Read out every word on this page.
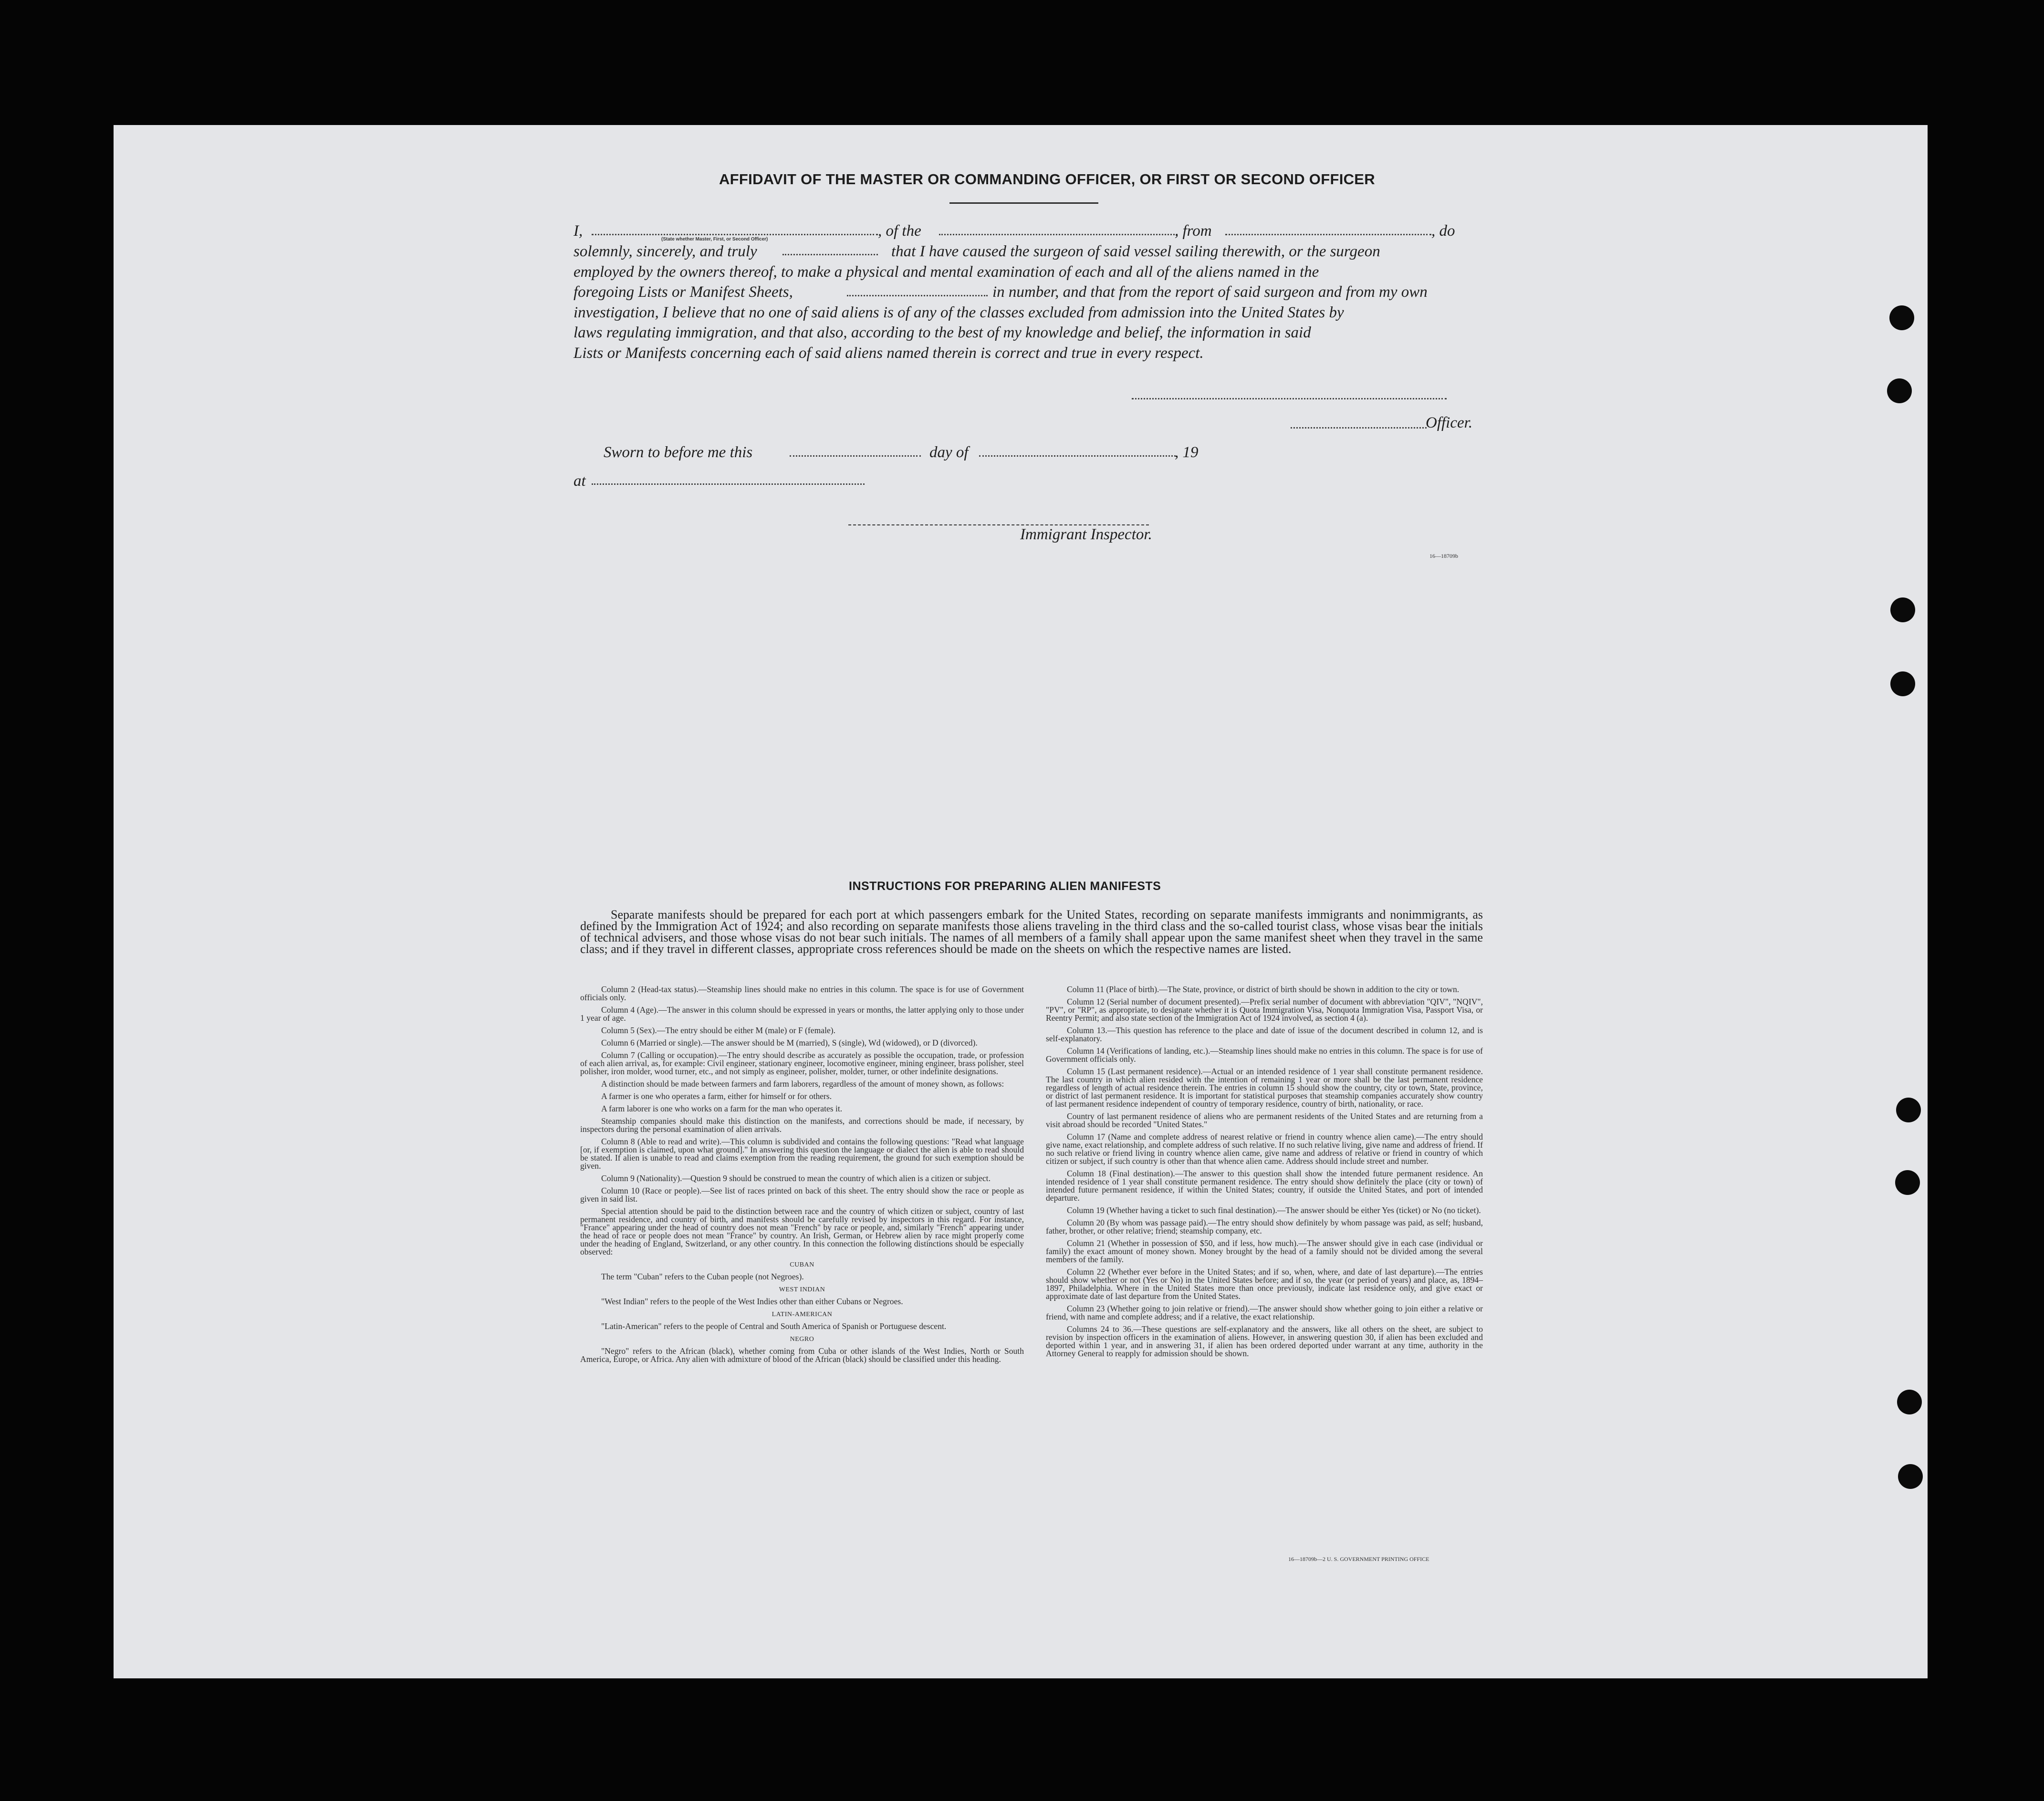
AFFIDAVIT OF THE MASTER OR COMMANDING OFFICER, OR FIRST OR SECOND OFFICER
I,	, of the	, from	, do
(State whether Master, First, or Second Officer)
solemnly, sincerely, and truly	that I have caused the surgeon of said vessel sailing therewith, or the surgeon
employed by the owners thereof, to make a physical and mental examination of each and all of the aliens named in the
foregoing Lists or Manifest Sheets,	in number, and that from the report of said surgeon and from my own
investigation, I believe that no one of said aliens is of any of the classes excluded from admission into the United States by
laws regulating immigration, and that also, according to the best of my knowledge and belief, the information in said
Lists or Manifests concerning each of said aliens named therein is correct and true in every respect.
Officer.
Sworn to before me this	day of	, 19
at
Immigrant Inspector.
16—18709b
INSTRUCTIONS FOR PREPARING ALIEN MANIFESTS
Separate manifests should be prepared for each port at which passengers embark for the United States, recording on separate manifests immigrants and nonimmigrants, as defined by the Immigration Act of 1924; and also recording on separate manifests those aliens traveling in the third class and the so-called tourist class, whose visas bear the initials of technical advisers, and those whose visas do not bear such initials. The names of all members of a family shall appear upon the same manifest sheet when they travel in the same class; and if they travel in different classes, appropriate cross references should be made on the sheets on which the respective names are listed.

Column 2 (Head-tax status).—Steamship lines should make no entries in this column. The space is for use of Government officials only.

Column 4 (Age).—The answer in this column should be expressed in years or months, the latter applying only to those under 1 year of age.

Column 5 (Sex).—The entry should be either M (male) or F (female).

Column 6 (Married or single).—The answer should be M (married), S (single), Wd (widowed), or D (divorced).

Column 7 (Calling or occupation).—The entry should describe as accurately as possible the occupation, trade, or profession of each alien arrival, as, for example: Civil engineer, stationary engineer, locomotive engineer, mining engineer, brass polisher, steel polisher, iron molder, wood turner, etc., and not simply as engineer, polisher, molder, turner, or other indefinite designations.

A distinction should be made between farmers and farm laborers, regardless of the amount of money shown, as follows:

A farmer is one who operates a farm, either for himself or for others.

A farm laborer is one who works on a farm for the man who operates it.

Steamship companies should make this distinction on the manifests, and corrections should be made, if necessary, by inspectors during the personal examination of alien arrivals.

Column 8 (Able to read and write).—This column is subdivided and contains the following questions: "Read what language [or, if exemption is claimed, upon what ground]." In answering this question the language or dialect the alien is able to read should be stated. If alien is unable to read and claims exemption from the reading requirement, the ground for such exemption should be given.

Column 9 (Nationality).—Question 9 should be construed to mean the country of which alien is a citizen or subject.

Column 10 (Race or people).—See list of races printed on back of this sheet. The entry should show the race or people as given in said list.

Special attention should be paid to the distinction between race and the country of which citizen or subject, country of last permanent residence, and country of birth, and manifests should be carefully revised by inspectors in this regard. For instance, "France" appearing under the head of country does not mean "French" by race or people, and, similarly "French" appearing under the head of race or people does not mean "France" by country. An Irish, German, or Hebrew alien by race might properly come under the heading of England, Switzerland, or any other country. In this connection the following distinctions should be especially observed:

CUBAN

The term "Cuban" refers to the Cuban people (not Negroes).

WEST INDIAN

"West Indian" refers to the people of the West Indies other than either Cubans or Negroes.

LATIN-AMERICAN

"Latin-American" refers to the people of Central and South America of Spanish or Portuguese descent.

NEGRO

"Negro" refers to the African (black), whether coming from Cuba or other islands of the West Indies, North or South America, Europe, or Africa. Any alien with admixture of blood of the African (black) should be classified under this heading.

Column 11 (Place of birth).—The State, province, or district of birth should be shown in addition to the city or town.

Column 12 (Serial number of document presented).—Prefix serial number of document with abbreviation "QIV", "NQIV", "PV", or "RP", as appropriate, to designate whether it is Quota Immigration Visa, Nonquota Immigration Visa, Passport Visa, or Reentry Permit; and also state section of the Immigration Act of 1924 involved, as section 4 (a).

Column 13.—This question has reference to the place and date of issue of the document described in column 12, and is self-explanatory.

Column 14 (Verifications of landing, etc.).—Steamship lines should make no entries in this column. The space is for use of Government officials only.

Column 15 (Last permanent residence).—Actual or an intended residence of 1 year shall constitute permanent residence. The last country in which alien resided with the intention of remaining 1 year or more shall be the last permanent residence regardless of length of actual residence therein. The entries in column 15 should show the country, city or town, State, province, or district of last permanent residence. It is important for statistical purposes that steamship companies accurately show country of last permanent residence independent of country of temporary residence, country of birth, nationality, or race.

Country of last permanent residence of aliens who are permanent residents of the United States and are returning from a visit abroad should be recorded "United States."

Column 17 (Name and complete address of nearest relative or friend in country whence alien came).—The entry should give name, exact relationship, and complete address of such relative. If no such relative living, give name and address of friend. If no such relative or friend living in country whence alien came, give name and address of relative or friend in country of which citizen or subject, if such country is other than that whence alien came. Address should include street and number.

Column 18 (Final destination).—The answer to this question shall show the intended future permanent residence. An intended residence of 1 year shall constitute permanent residence. The entry should show definitely the place (city or town) of intended future permanent residence, if within the United States; country, if outside the United States, and port of intended departure.

Column 19 (Whether having a ticket to such final destination).—The answer should be either Yes (ticket) or No (no ticket).

Column 20 (By whom was passage paid).—The entry should show definitely by whom passage was paid, as self; husband, father, brother, or other relative; friend; steamship company, etc.

Column 21 (Whether in possession of $50, and if less, how much).—The answer should give in each case (individual or family) the exact amount of money shown. Money brought by the head of a family should not be divided among the several members of the family.

Column 22 (Whether ever before in the United States; and if so, when, where, and date of last departure).—The entries should show whether or not (Yes or No) in the United States before; and if so, the year (or period of years) and place, as, 1894–1897, Philadelphia. Where in the United States more than once previously, indicate last residence only, and give exact or approximate date of last departure from the United States.

Column 23 (Whether going to join relative or friend).—The answer should show whether going to join either a relative or friend, with name and complete address; and if a relative, the exact relationship.

Columns 24 to 36.—These questions are self-explanatory and the answers, like all others on the sheet, are subject to revision by inspection officers in the examination of aliens. However, in answering question 30, if alien has been excluded and deported within 1 year, and in answering 31, if alien has been ordered deported under warrant at any time, authority in the Attorney General to reapply for admission should be shown.

16—18709b—2 U. S. GOVERNMENT PRINTING OFFICE
